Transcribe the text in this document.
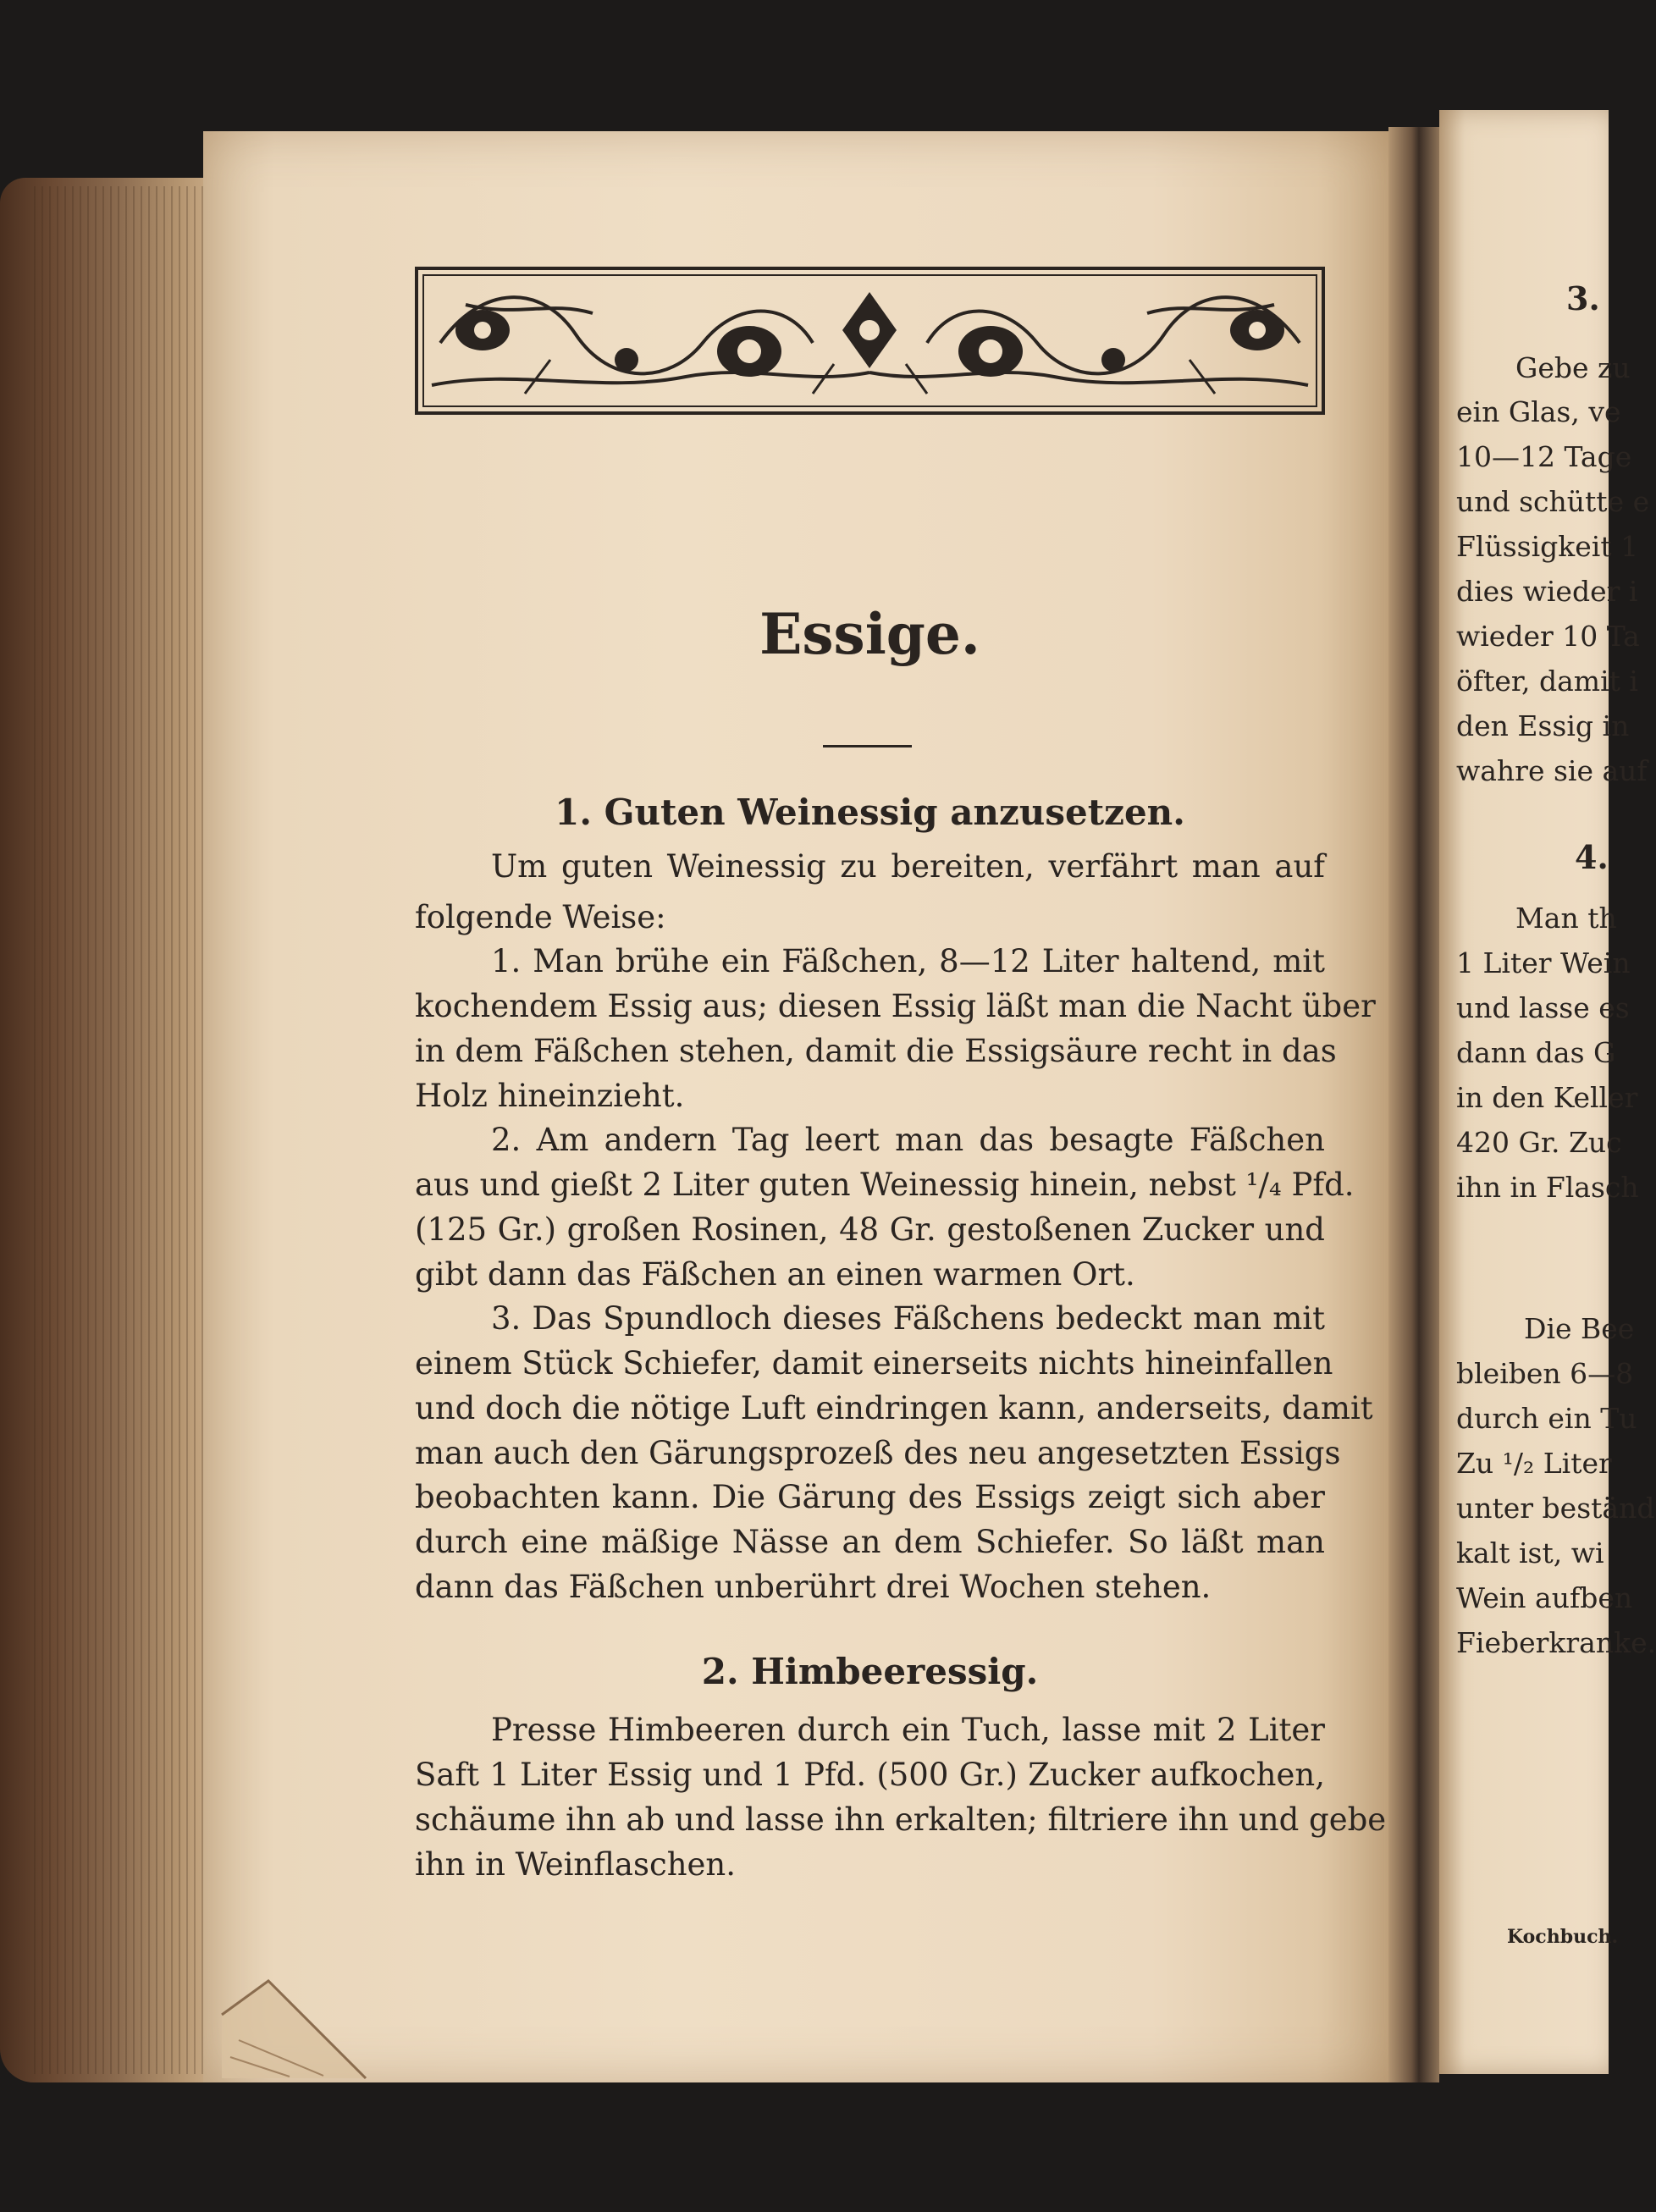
Essige.
1. Guten Weinessig anzusetzen.
Um guten Weinessig zu bereiten, verfährt man auf
folgende Weise:
1. Man brühe ein Fäßchen, 8—12 Liter haltend, mit
kochendem Essig aus; diesen Essig läßt man die Nacht über
in dem Fäßchen stehen, damit die Essigsäure recht in das
Holz hineinzieht.
2. Am andern Tag leert man das besagte Fäßchen
aus und gießt 2 Liter guten Weinessig hinein, nebst ¹/₄ Pfd.
(125 Gr.) großen Rosinen, 48 Gr. gestoßenen Zucker und
gibt dann das Fäßchen an einen warmen Ort.
3. Das Spundloch dieses Fäßchens bedeckt man mit
einem Stück Schiefer, damit einerseits nichts hineinfallen
und doch die nötige Luft eindringen kann, anderseits, damit
man auch den Gärungsprozeß des neu angesetzten Essigs
beobachten kann. Die Gärung des Essigs zeigt sich aber
durch eine mäßige Nässe an dem Schiefer. So läßt man
dann das Fäßchen unberührt drei Wochen stehen.
2. Himbeeressig.
Presse Himbeeren durch ein Tuch, lasse mit 2 Liter
Saft 1 Liter Essig und 1 Pfd. (500 Gr.) Zucker aufkochen,
schäume ihn ab und lasse ihn erkalten; filtriere ihn und gebe
ihn in Weinflaschen.
3.
Gebe zu
ein Glas, ve
10—12 Tage
und schütte e
Flüssigkeit 1
dies wieder i
wieder 10 Ta
öfter, damit i
den Essig in
wahre sie auf
4.
Man th
1 Liter Wein
und lasse es
dann das G
in den Keller
420 Gr. Zuc
ihn in Flasch
Die Bee
bleiben 6—8
durch ein Tu
Zu ¹/₂ Liter
unter beständ
kalt ist, wi
Wein aufben
Fieberkranke.
Kochbuch.
